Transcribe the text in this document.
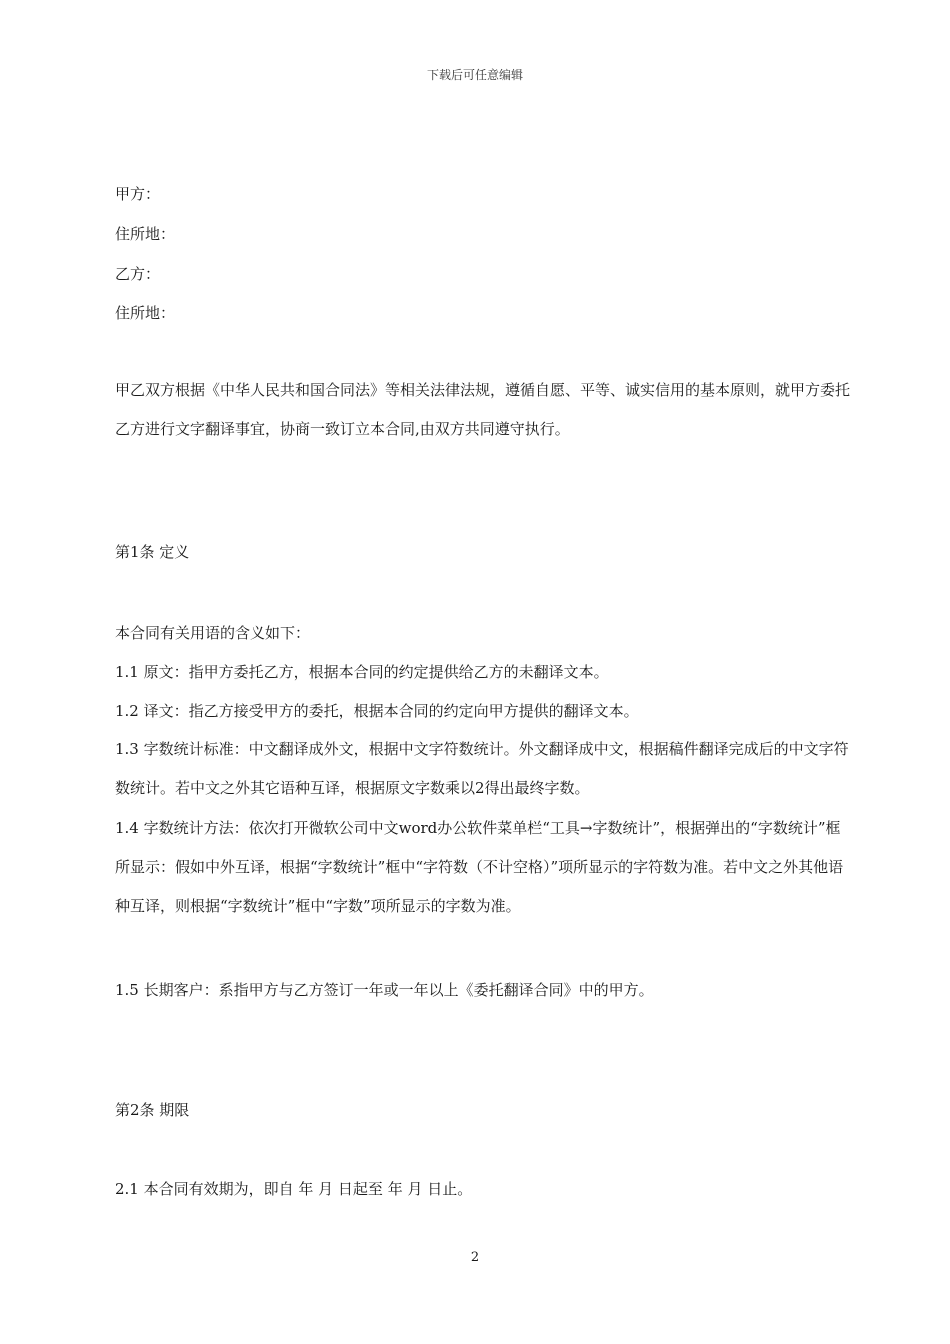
下载后可任意编辑
甲方：
住所地：
乙方：
住所地：
甲乙双方根据《中华人民共和国合同法》等相关法律法规，遵循自愿、平等、诚实信用的基本原则，就甲方委托乙方进行文字翻译事宜，协商一致订立本合同,由双方共同遵守执行。
第1条 定义
本合同有关用语的含义如下：
1.1 原文：指甲方委托乙方，根据本合同的约定提供给乙方的未翻译文本。
1.2 译文：指乙方接受甲方的委托，根据本合同的约定向甲方提供的翻译文本。
1.3 字数统计标准：中文翻译成外文，根据中文字符数统计。外文翻译成中文，根据稿件翻译完成后的中文字符数统计。若中文之外其它语种互译，根据原文字数乘以2得出最终字数。
1.4 字数统计方法：依次打开微软公司中文word办公软件菜单栏“工具→字数统计”，根据弹出的“字数统计”框所显示：假如中外互译，根据“字数统计”框中“字符数（不计空格）”项所显示的字符数为准。若中文之外其他语种互译，则根据“字数统计”框中“字数”项所显示的字数为准。
1.5 长期客户：系指甲方与乙方签订一年或一年以上《委托翻译合同》中的甲方。
第2条 期限
2.1 本合同有效期为，即自 年 月 日起至 年 月 日止。
2
